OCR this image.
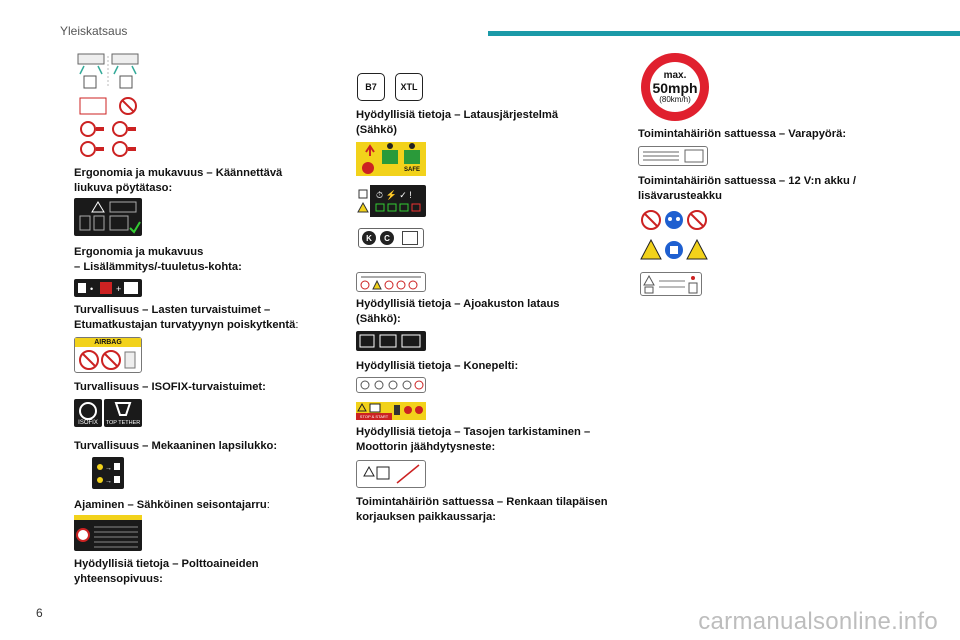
Yleiskatsaus
Ergonomia ja mukavuus – Käännettävä liukuva pöytätaso:
Ergonomia ja mukavuus
– Lisälämmitys/-tuuletus-kohta:
•	+
Turvallisuus – Lasten turvaistuimet – Etumatkustajan turvatyynyn poiskytkentä:
AIRBAG
Turvallisuus – ISOFIX-turvaistuimet:
ISOFIX	TOP TETHER
Turvallisuus – Mekaaninen lapsilukko:
→
→
Ajaminen – Sähköinen seisontajarru:
Hyödyllisiä tietoja – Polttoaineiden yhteensopivuus:
B7	XTL
Hyödyllisiä tietoja – Latausjärjestelmä (Sähkö)
SAFE
⏱ ⚡ ✓ !
K	C
Hyödyllisiä tietoja – Ajoakuston lataus (Sähkö):
Hyödyllisiä tietoja – Konepelti:
STOP & START SYSTEM
Hyödyllisiä tietoja – Tasojen tarkistaminen – Moottorin jäähdytysneste:
Toimintahäiriön sattuessa – Renkaan tilapäisen korjauksen paikkaussarja:
max.
50mph
(80km/h)
Toimintahäiriön sattuessa – Varapyörä:
Toimintahäiriön sattuessa – 12 V:n akku / lisävarusteakku
6	carmanualsonline.info
